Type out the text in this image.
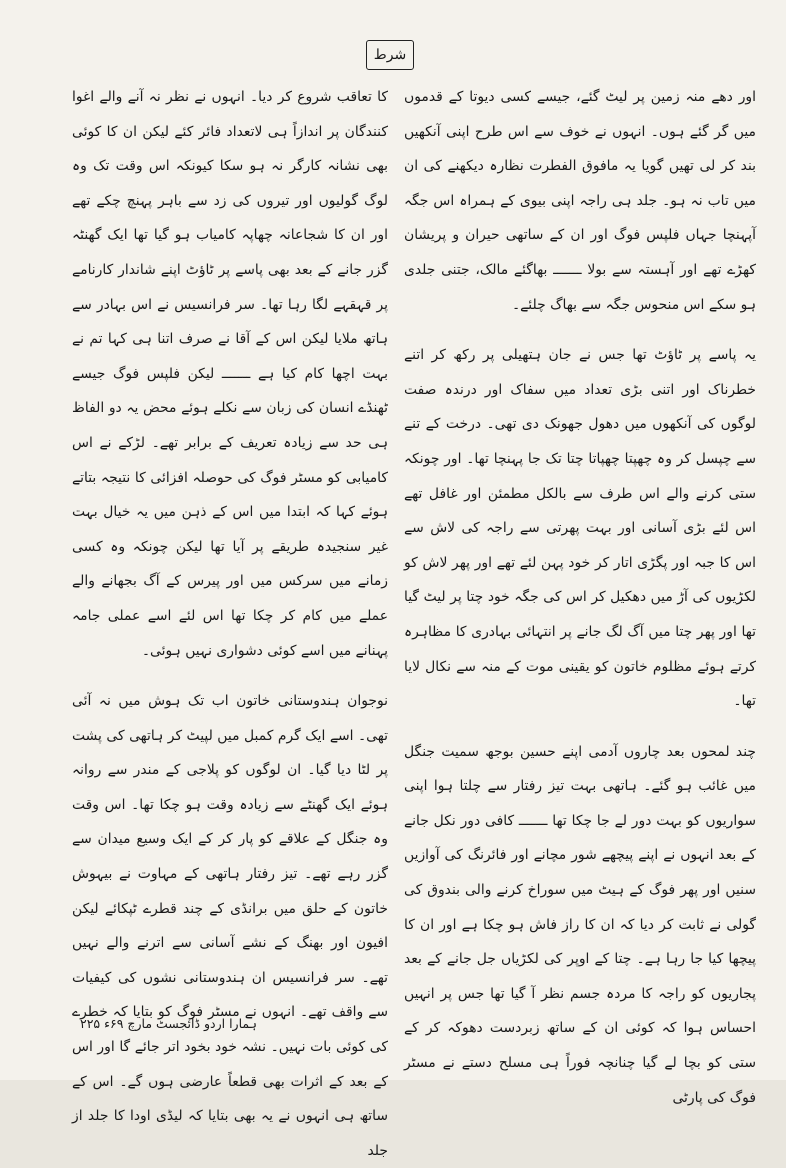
شرط

اور دھے منہ زمین پر لیٹ گئے، جیسے کسی دیوتا کے قدموں میں گر گئے ہوں۔ انہوں نے خوف سے اس طرح اپنی آنکھیں بند کر لی تھیں گویا یہ مافوق الفطرت نظارہ دیکھنے کی ان میں تاب نہ ہو۔ جلد ہی راجہ اپنی بیوی کے ہمراہ اس جگہ آپہنچا جہاں فلپس فوگ اور ان کے ساتھی حیران و پریشان کھڑے تھے اور آہستہ سے بولا ـــــــ بھاگئے مالک، جتنی جلدی ہو سکے اس منحوس جگہ سے بھاگ چلئے۔

یہ پاسے پر ٹاؤٹ تھا جس نے جان ہتھیلی پر رکھ کر اتنے خطرناک اور اتنی بڑی تعداد میں سفاک اور درندہ صفت لوگوں کی آنکھوں میں دھول جھونک دی تھی۔ درخت کے تنے سے چپسل کر وہ چھپتا چھپاتا چتا تک جا پہنچا تھا۔ اور چونکہ ستی کرنے والے اس طرف سے بالکل مطمئن اور غافل تھے اس لئے بڑی آسانی اور بہت پھرتی سے راجہ کی لاش سے اس کا جبہ اور پگڑی اتار کر خود پہن لئے تھے اور پھر لاش کو لکڑیوں کی آڑ میں دھکیل کر اس کی جگہ خود چتا پر لیٹ گیا تھا اور پھر چتا میں آگ لگ جانے پر انتہائی بہادری کا مظاہرہ کرتے ہوئے مظلوم خاتون کو یقینی موت کے منہ سے نکال لایا تھا۔

چند لمحوں بعد چاروں آدمی اپنے حسین بوجھ سمیت جنگل میں غائب ہو گئے۔ ہاتھی بہت تیز رفتار سے چلتا ہوا اپنی سواریوں کو بہت دور لے جا چکا تھا ـــــــ کافی دور نکل جانے کے بعد انہوں نے اپنے پیچھے شور مچانے اور فائرنگ کی آوازیں سنیں اور پھر فوگ کے ہیٹ میں سوراخ کرنے والی بندوق کی گولی نے ثابت کر دیا کہ ان کا راز فاش ہو چکا ہے اور ان کا پیچھا کیا جا رہا ہے۔ چتا کے اوپر کی لکڑیاں جل جانے کے بعد پجاریوں کو راجہ کا مردہ جسم نظر آ گیا تھا جس پر انہیں احساس ہوا کہ کوئی ان کے ساتھ زبردست دھوکہ کر کے ستی کو بچا لے گیا چنانچہ فوراً ہی مسلح دستے نے مسٹر فوگ کی پارٹی

کا تعاقب شروع کر دیا۔ انہوں نے نظر نہ آنے والے اغوا کنندگان پر اندازاً ہی لاتعداد فائر کئے لیکن ان کا کوئی بھی نشانہ کارگر نہ ہو سکا کیونکہ اس وقت تک وہ لوگ گولیوں اور تیروں کی زد سے باہر پہنچ چکے تھے اور ان کا شجاعانہ چھاپہ کامیاب ہو گیا تھا ایک گھنٹہ گزر جانے کے بعد بھی پاسے پر ٹاؤٹ اپنے شاندار کارنامے پر قہقہے لگا رہا تھا۔ سر فرانسیس نے اس بہادر سے ہاتھ ملایا لیکن اس کے آقا نے صرف اتنا ہی کہا تم نے بہت اچھا کام کیا ہے ـــــــ لیکن فلپس فوگ جیسے ٹھنڈے انسان کی زبان سے نکلے ہوئے محض یہ دو الفاظ ہی حد سے زیادہ تعریف کے برابر تھے۔ لڑکے نے اس کامیابی کو مسٹر فوگ کی حوصلہ افزائی کا نتیجہ بتاتے ہوئے کہا کہ ابتدا میں اس کے ذہن میں یہ خیال بہت غیر سنجیدہ طریقے پر آیا تھا لیکن چونکہ وہ کسی زمانے میں سرکس میں اور پیرس کے آگ بجھانے والے عملے میں کام کر چکا تھا اس لئے اسے عملی جامہ پہنانے میں اسے کوئی دشواری نہیں ہوئی۔

نوجوان ہندوستانی خاتون اب تک ہوش میں نہ آئی تھی۔ اسے ایک گرم کمبل میں لپیٹ کر ہاتھی کی پشت پر لٹا دیا گیا۔ ان لوگوں کو پلاجی کے مندر سے روانہ ہوئے ایک گھنٹے سے زیادہ وقت ہو چکا تھا۔ اس وقت وہ جنگل کے علاقے کو پار کر کے ایک وسیع میدان سے گزر رہے تھے۔ تیز رفتار ہاتھی کے مہاوت نے بیہوش خاتون کے حلق میں برانڈی کے چند قطرے ٹپکائے لیکن افیون اور بھنگ کے نشے آسانی سے اترنے والے نہیں تھے۔ سر فرانسیس ان ہندوستانی نشوں کی کیفیات سے واقف تھے۔ انہوں نے مسٹر فوگ کو بتایا کہ خطرے کی کوئی بات نہیں۔ نشہ خود بخود اتر جائے گا اور اس کے بعد کے اثرات بھی قطعاً عارضی ہوں گے۔ اس کے ساتھ ہی انہوں نے یہ بھی بتایا کہ لیڈی اودا کا جلد از جلد

ہمارا اردو ڈائجسٹ مارچ ۶۹ء ۲۲۵
